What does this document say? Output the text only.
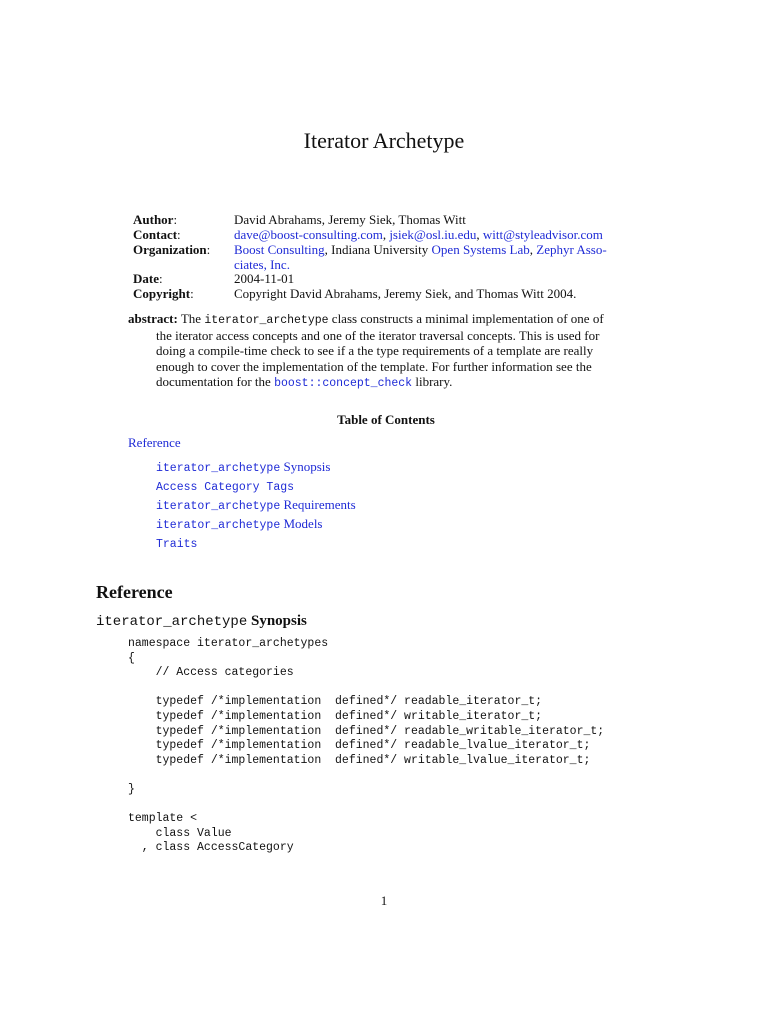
Iterator Archetype
Author:	David Abrahams, Jeremy Siek, Thomas Witt
Contact:	dave@boost-consulting.com, jsiek@osl.iu.edu, witt@styleadvisor.com
Organization: Boost Consulting, Indiana University Open Systems Lab, Zephyr Asso-
ciates, Inc.
Date:	2004-11-01
Copyright:	Copyright David Abrahams, Jeremy Siek, and Thomas Witt 2004.
abstract: The iterator_archetype class constructs a minimal implementation of one of
the iterator access concepts and one of the iterator traversal concepts. This is used for
doing a compile-time check to see if a the type requirements of a template are really
enough to cover the implementation of the template. For further information see the
documentation for the boost::concept_check library.
Table of Contents
Reference
iterator_archetype Synopsis
Access Category Tags
iterator_archetype Requirements
iterator_archetype Models
Traits
Reference
iterator_archetype Synopsis
namespace iterator_archetypes
{
// Access categories

typedef /*implementation  defined*/ readable_iterator_t;
typedef /*implementation  defined*/ writable_iterator_t;
typedef /*implementation  defined*/ readable_writable_iterator_t;
typedef /*implementation  defined*/ readable_lvalue_iterator_t;
typedef /*implementation  defined*/ writable_lvalue_iterator_t;

}

template <
class Value
, class AccessCategory
1
